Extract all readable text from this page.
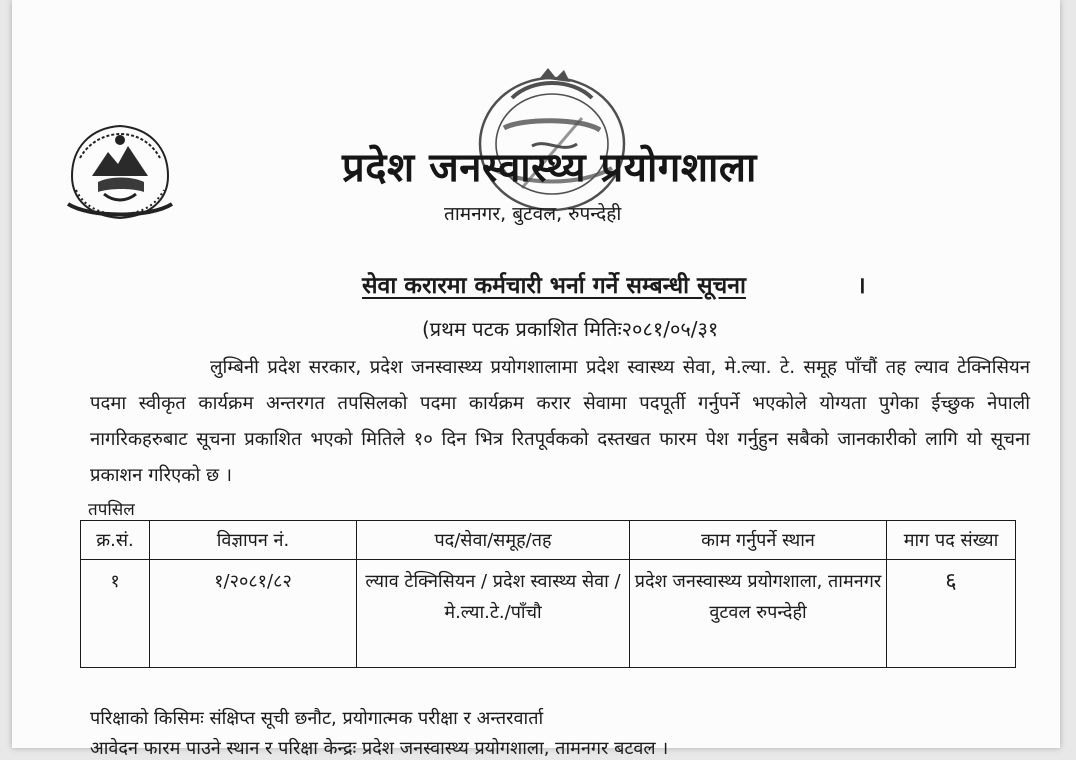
प्रदेश जनस्वास्थ्य प्रयोगशाला
तामनगर, बुटवल, रुपन्देही
सेवा करारमा कर्मचारी भर्ना गर्ने सम्बन्धी सूचना	।
(प्रथम पटक प्रकाशित मितिः२०८१/०५/३१
लुम्बिनी प्रदेश सरकार, प्रदेश जनस्वास्थ्य प्रयोगशालामा प्रदेश स्वास्थ्य सेवा, मे.ल्या. टे. समूह पाँचौं तह ल्याव टेक्निसियन पदमा स्वीकृत कार्यक्रम अन्तरगत तपसिलको पदमा कार्यक्रम करार सेवामा पदपूर्ती गर्नुपर्ने भएकोले योग्यता पुगेका ईच्छुक नेपाली नागरिकहरुबाट सूचना प्रकाशित भएको मितिले १० दिन भित्र रितपूर्वकको दस्तखत फारम पेश गर्नुहुन सबैको जानकारीको लागि यो सूचना प्रकाशन गरिएको छ ।
तपसिल
क्र.सं.	विज्ञापन नं.	पद/सेवा/समूह/तह	काम गर्नुपर्ने स्थान	माग पद संख्या
१	१/२०८१/८२	ल्याव टेक्निसियन / प्रदेश स्वास्थ्य सेवा /मे.ल्या.टे./पाँचौ	प्रदेश जनस्वास्थ्य प्रयोगशाला, तामनगर वुटवल रुपन्देही	६
परिक्षाको किसिमः संक्षिप्त सूची छनौट, प्रयोगात्मक परीक्षा र अन्तरवार्ता
आवेदन फारम पाउने स्थान र परिक्षा केन्द्रः प्रदेश जनस्वास्थ्य प्रयोगशाला, तामनगर बटवल ।
